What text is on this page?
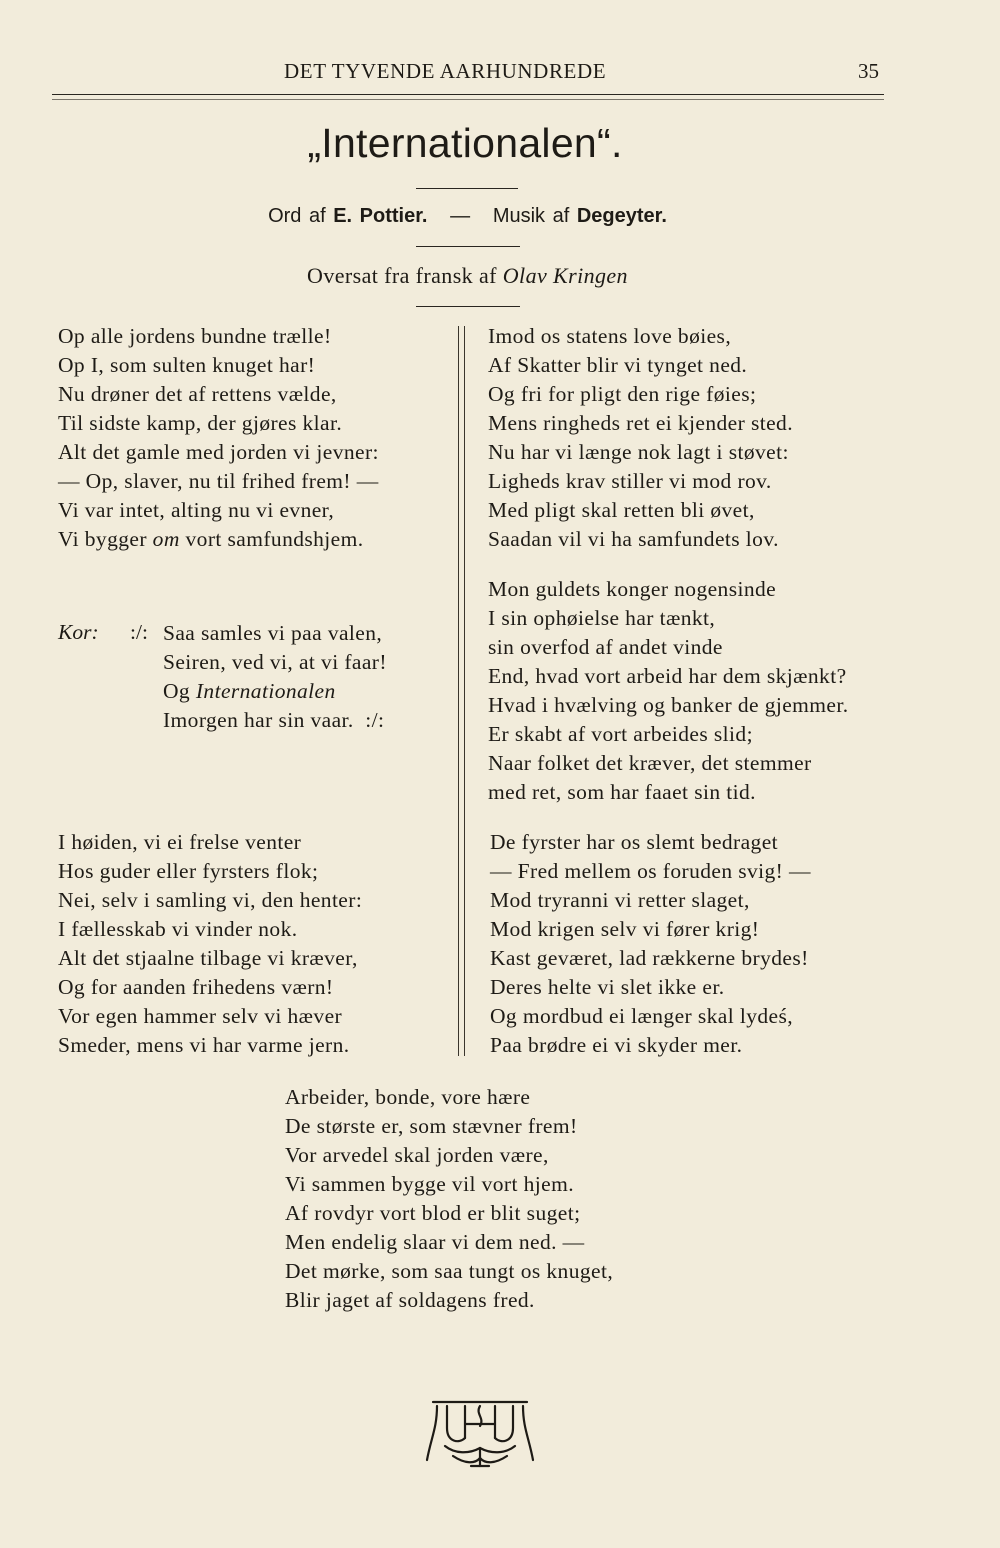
DET TYVENDE AARHUNDREDE	35
„Internationalen“.
Ord af E. Pottier. — Musik af Degeyter.
Oversat fra fransk af Olav Kringen
Op alle jordens bundne trælle!
Op I, som sulten knuget har!
Nu drøner det af rettens vælde,
Til sidste kamp, der gjøres klar.
Alt det gamle med jorden vi jevner:
— Op, slaver, nu til frihed frem! —
Vi var intet, alting nu vi evner,
Vi bygger om vort samfundshjem.
Kor: :/: Saa samles vi paa valen,
Seiren, ved vi, at vi faar!
Og Internationalen
Imorgen har sin vaar. :/:
I høiden, vi ei frelse venter
Hos guder eller fyrsters flok;
Nei, selv i samling vi, den henter:
I fællesskab vi vinder nok.
Alt det stjaalne tilbage vi kræver,
Og for aanden frihedens værn!
Vor egen hammer selv vi hæver
Smeder, mens vi har varme jern.
Imod os statens love bøies,
Af Skatter blir vi tynget ned.
Og fri for pligt den rige føies;
Mens ringheds ret ei kjender sted.
Nu har vi længe nok lagt i støvet:
Ligheds krav stiller vi mod rov.
Med pligt skal retten bli øvet,
Saadan vil vi ha samfundets lov.
Mon guldets konger nogensinde
I sin ophøielse har tænkt,
sin overfod af andet vinde
End, hvad vort arbeid har dem skjænkt?
Hvad i hvælving og banker de gjemmer.
Er skabt af vort arbeides slid;
Naar folket det kræver, det stemmer
med ret, som har faaet sin tid.
De fyrster har os slemt bedraget
— Fred mellem os foruden svig! —
Mod tryranni vi retter slaget,
Mod krigen selv vi fører krig!
Kast geværet, lad rækkerne brydes!
Deres helte vi slet ikke er.
Og mordbud ei længer skal lydeś,
Paa brødre ei vi skyder mer.
Arbeider, bonde, vore hære
De største er, som stævner frem!
Vor arvedel skal jorden være,
Vi sammen bygge vil vort hjem.
Af rovdyr vort blod er blit suget;
Men endelig slaar vi dem ned. —
Det mørke, som saa tungt os knuget,
Blir jaget af soldagens fred.
